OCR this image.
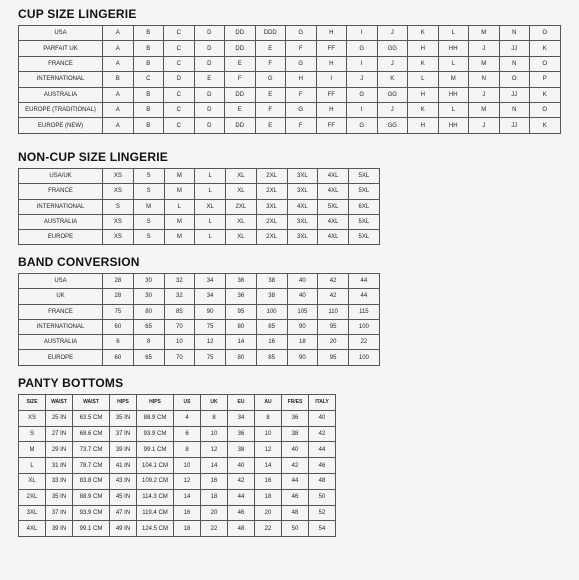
CUP SIZE LINGERIE
USA	A	B	C	D	DD	DDD	G	H	I	J	K	L	M	N	O
PARFAIT UK	A	B	C	D	DD	E	F	FF	G	GG	H	HH	J	JJ	K
FRANCE	A	B	C	D	E	F	G	H	I	J	K	L	M	N	O
INTERNATIONAL	B	C	D	E	F	G	H	I	J	K	L	M	N	O	P
AUSTRALIA	A	B	C	D	DD	E	F	FF	G	GG	H	HH	J	JJ	K
EUROPE (TRADITIONAL)	A	B	C	D	E	F	G	H	I	J	K	L	M	N	O
EUROPE (NEW)	A	B	C	D	DD	E	F	FF	G	GG	H	HH	J	JJ	K
NON-CUP SIZE LINGERIE
USA/UK	XS	S	M	L	XL	2XL	3XL	4XL	5XL
FRANCE	XS	S	M	L	XL	2XL	3XL	4XL	5XL
INTERNATIONAL	S	M	L	XL	2XL	3XL	4XL	5XL	6XL
AUSTRALIA	XS	S	M	L	XL	2XL	3XL	4XL	5XL
EUROPE	XS	S	M	L	XL	2XL	3XL	4XL	5XL
BAND CONVERSION
USA	28	30	32	34	36	38	40	42	44
UK	28	30	32	34	36	38	40	42	44
FRANCE	75	80	85	90	95	100	105	110	115
INTERNATIONAL	60	65	70	75	80	85	90	95	100
AUSTRALIA	6	8	10	12	14	16	18	20	22
EUROPE	60	65	70	75	80	85	90	95	100
PANTY BOTTOMS
SIZE	WAIST	WAIST	HIPS	HIPS	US	UK	EU	AU	FR/ES	ITALY
XS	25 IN	63.5 CM	35 IN	88.9 CM	4	8	34	8	36	40
S	27 IN	68.6 CM	37 IN	93.9 CM	6	10	36	10	38	42
M	29 IN	73.7 CM	39 IN	99.1 CM	8	12	38	12	40	44
L	31 IN	78.7 CM	41 IN	104.1 CM	10	14	40	14	42	46
XL	33 IN	83.8 CM	43 IN	109.2 CM	12	16	42	16	44	48
2XL	35 IN	88.9 CM	45 IN	114.3 CM	14	18	44	18	46	50
3XL	37 IN	93.9 CM	47 IN	119.4 CM	16	20	46	20	48	52
4XL	39 IN	99.1 CM	49 IN	124.5 CM	18	22	48	22	50	54
